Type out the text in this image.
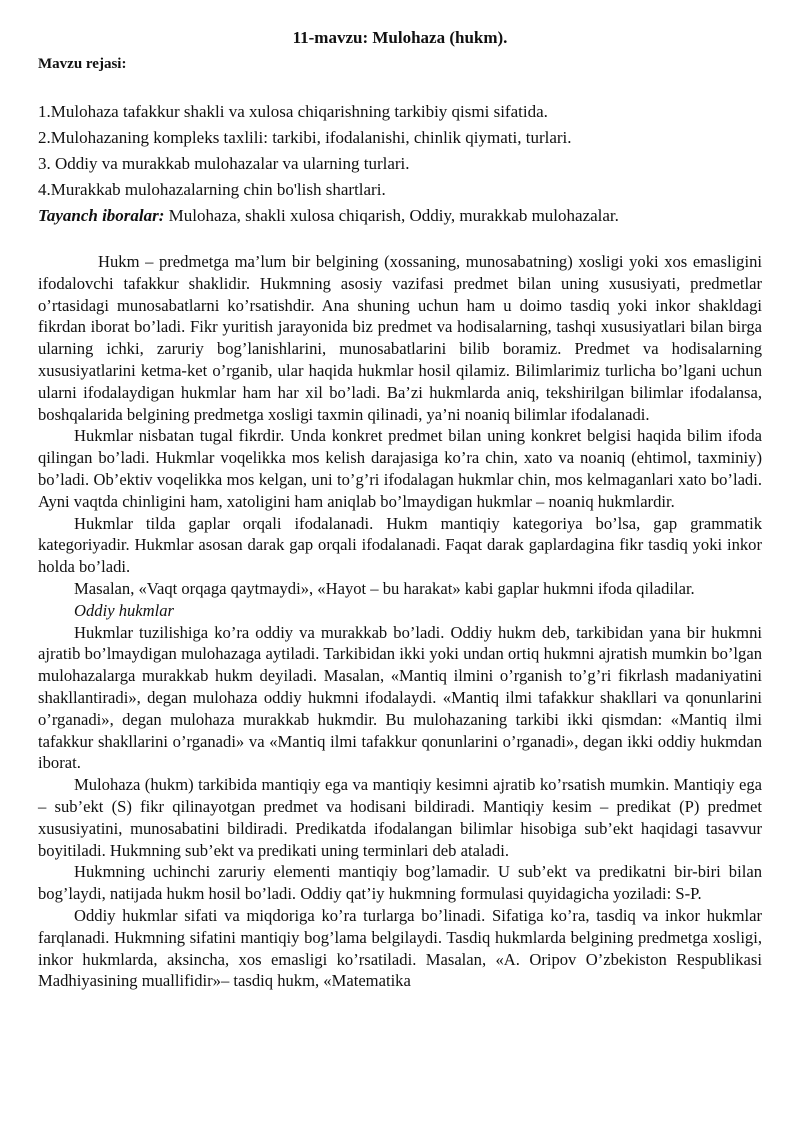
11-mavzu: Mulohaza (hukm).
Mavzu rejasi:
1.Mulohaza tafakkur shakli va xulosa chiqarishning tarkibiy qismi sifatida.
2.Mulohazaning kompleks taxlili: tarkibi, ifodalanishi, chinlik qiymati, turlari.
3. Oddiy va murakkab mulohazalar va ularning turlari.
4.Murakkab mulohazalarning chin bo'lish shartlari.

Tayanch iboralar: Mulohaza, shakli xulosa chiqarish, Oddiy, murakkab mulohazalar.

Hukm – predmetga ma’lum bir belgining (xossaning, munosabatning) xosligi yoki xos emasligini ifodalovchi tafakkur shaklidir. Hukmning asosiy vazifasi predmet bilan uning xususiyati, predmetlar o’rtasidagi munosabatlarni ko’rsatishdir. Ana shuning uchun ham u doimo tasdiq yoki inkor shakldagi fikrdan iborat bo’ladi. Fikr yuritish jarayonida biz predmet va hodisalarning, tashqi xususiyatlari bilan birga ularning ichki, zaruriy bog’lanishlarini, munosabatlarini bilib boramiz. Predmet va hodisalarning xususiyatlarini ketma-ket o’rganib, ular haqida hukmlar hosil qilamiz. Bilimlarimiz turlicha bo’lgani uchun ularni ifodalaydigan hukmlar ham har xil bo’ladi. Ba’zi hukmlarda aniq, tekshirilgan bilimlar ifodalansa, boshqalarida belgining predmetga xosligi taxmin qilinadi, ya’ni noaniq bilimlar ifodalanadi.

Hukmlar nisbatan tugal fikrdir. Unda konkret predmet bilan uning konkret belgisi haqida bilim ifoda qilingan bo’ladi. Hukmlar voqelikka mos kelish darajasiga ko’ra chin, xato va noaniq (ehtimol, taxminiy) bo’ladi. Ob’ektiv voqelikka mos kelgan, uni to’g’ri ifodalagan hukmlar chin, mos kelmaganlari xato bo’ladi. Ayni vaqtda chinligini ham, xatoligini ham aniqlab bo’lmaydigan hukmlar – noaniq hukmlardir.

Hukmlar tilda gaplar orqali ifodalanadi. Hukm mantiqiy kategoriya bo’lsa, gap grammatik kategoriyadir. Hukmlar asosan darak gap orqali ifodalanadi. Faqat darak gaplardagina fikr tasdiq yoki inkor holda bo’ladi.

Masalan, «Vaqt orqaga qaytmaydi», «Hayot – bu harakat» kabi gaplar hukmni ifoda qiladilar.

Oddiy hukmlar

Hukmlar tuzilishiga ko’ra oddiy va murakkab bo’ladi. Oddiy hukm deb, tarkibidan yana bir hukmni ajratib bo’lmaydigan mulohazaga aytiladi. Tarkibidan ikki yoki undan ortiq hukmni ajratish mumkin bo’lgan mulohazalarga murakkab hukm deyiladi. Masalan, «Mantiq ilmini o’rganish to’g’ri fikrlash madaniyatini shakllantiradi», degan mulohaza oddiy hukmni ifodalaydi. «Mantiq ilmi tafakkur shakllari va qonunlarini o’rganadi», degan mulohaza murakkab hukmdir. Bu mulohazaning tarkibi ikki qismdan: «Mantiq ilmi tafakkur shakllarini o’rganadi» va «Mantiq ilmi tafakkur qonunlarini o’rganadi», degan ikki oddiy hukmdan iborat.

Mulohaza (hukm) tarkibida mantiqiy ega va mantiqiy kesimni ajratib ko’rsatish mumkin. Mantiqiy ega – sub’ekt (S) fikr qilinayotgan predmet va hodisani bildiradi. Mantiqiy kesim – predikat (P) predmet xususiyatini, munosabatini bildiradi. Predikatda ifodalangan bilimlar hisobiga sub’ekt haqidagi tasavvur boyitiladi. Hukmning sub’ekt va predikati uning terminlari deb ataladi.

Hukmning uchinchi zaruriy elementi mantiqiy bog’lamadir. U sub’ekt va predikatni bir-biri bilan bog’laydi, natijada hukm hosil bo’ladi. Oddiy qat’iy hukmning formulasi quyidagicha yoziladi: S-P.

Oddiy hukmlar sifati va miqdoriga ko’ra turlarga bo’linadi. Sifatiga ko’ra, tasdiq va inkor hukmlar farqlanadi. Hukmning sifatini mantiqiy bog’lama belgilaydi. Tasdiq hukmlarda belgining predmetga xosligi, inkor hukmlarda, aksincha, xos emasligi ko’rsatiladi. Masalan, «A. Oripov O’zbekiston Respublikasi Madhiyasining muallifidir»– tasdiq hukm, «Matematika
